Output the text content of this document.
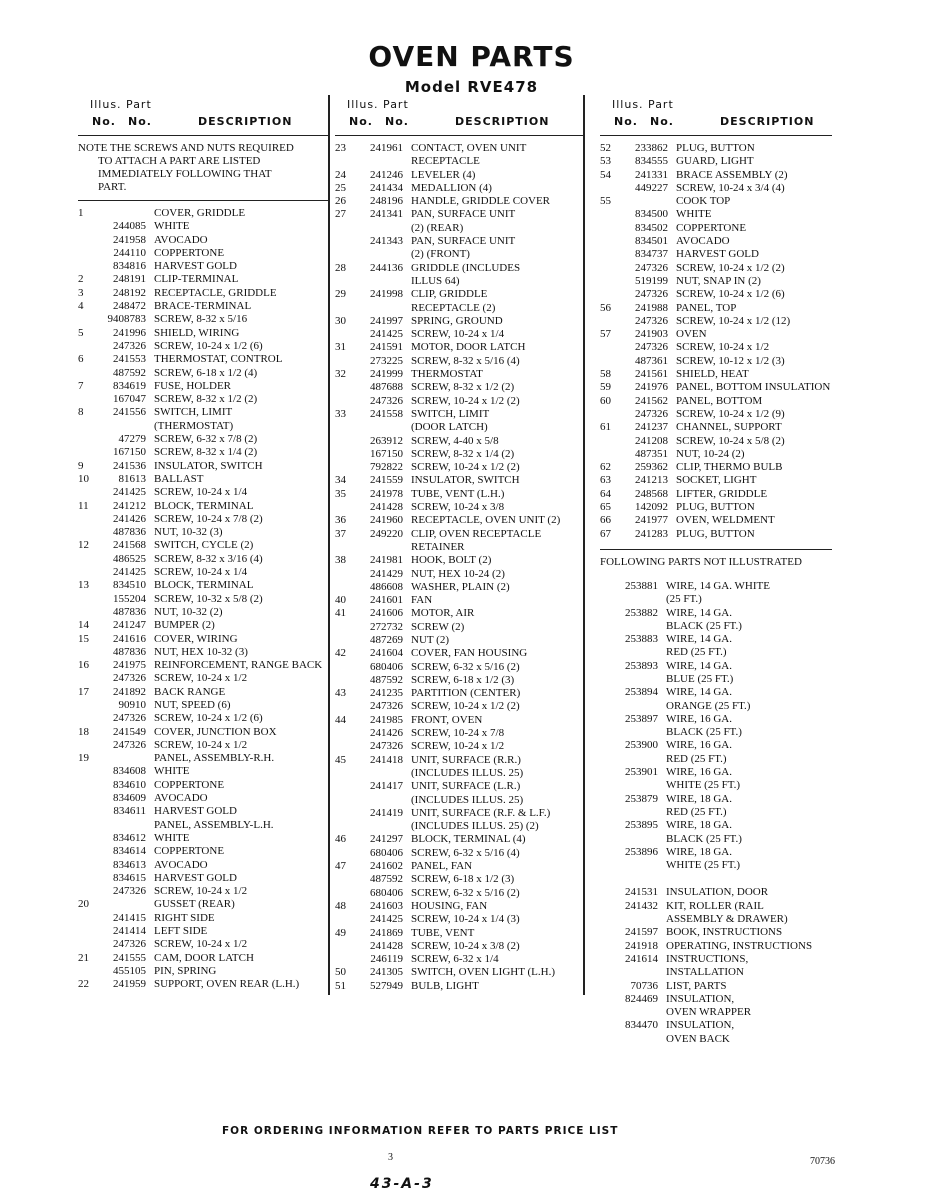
OVEN PARTS
Model RVE478
Illus. Part
No. No.	DESCRIPTION
NOTE THE SCREWS AND NUTS REQUIRED
TO ATTACH A PART ARE LISTED
IMMEDIATELY FOLLOWING THAT
PART.
1	COVER, GRIDDLE
244085 WHITE
241958 AVOCADO
244110 COPPERTONE
834816 HARVEST GOLD
2	248191 CLIP-TERMINAL
3	248192 RECEPTACLE, GRIDDLE
4	248472 BRACE-TERMINAL
9408783 SCREW, 8-32 x 5/16
5	241996 SHIELD, WIRING
247326 SCREW, 10-24 x 1/2 (6)
6	241553 THERMOSTAT, CONTROL
487592 SCREW, 6-18 x 1/2 (4)
7	834619 FUSE, HOLDER
167047 SCREW, 8-32 x 1/2 (2)
8	241556 SWITCH, LIMIT
(THERMOSTAT)
47279 SCREW, 6-32 x 7/8 (2)
167150 SCREW, 8-32 x 1/4 (2)
9	241536 INSULATOR, SWITCH
10	81613 BALLAST
241425 SCREW, 10-24 x 1/4
11	241212 BLOCK, TERMINAL
241426 SCREW, 10-24 x 7/8 (2)
487836 NUT, 10-32 (3)
12	241568 SWITCH, CYCLE (2)
486525 SCREW, 8-32 x 3/16 (4)
241425 SCREW, 10-24 x 1/4
13	834510 BLOCK, TERMINAL
155204 SCREW, 10-32 x 5/8 (2)
487836 NUT, 10-32 (2)
14	241247 BUMPER (2)
15	241616 COVER, WIRING
487836 NUT, HEX 10-32 (3)
16	241975 REINFORCEMENT, RANGE BACK
247326 SCREW, 10-24 x 1/2
17	241892 BACK RANGE
90910 NUT, SPEED (6)
247326 SCREW, 10-24 x 1/2 (6)
18	241549 COVER, JUNCTION BOX
247326 SCREW, 10-24 x 1/2
19	PANEL, ASSEMBLY-R.H.
834608 WHITE
834610 COPPERTONE
834609 AVOCADO
834611 HARVEST GOLD
PANEL, ASSEMBLY-L.H.
834612 WHITE
834614 COPPERTONE
834613 AVOCADO
834615 HARVEST GOLD
247326 SCREW, 10-24 x 1/2
20	GUSSET (REAR)
241415 RIGHT SIDE
241414 LEFT SIDE
247326 SCREW, 10-24 x 1/2
21	241555 CAM, DOOR LATCH
455105 PIN, SPRING
22	241959 SUPPORT, OVEN REAR (L.H.)
Illus. Part
No. No.	DESCRIPTION
23	241961 CONTACT, OVEN UNIT
RECEPTACLE
24	241246 LEVELER (4)
25	241434 MEDALLION (4)
26	248196 HANDLE, GRIDDLE COVER
27	241341 PAN, SURFACE UNIT
(2) (REAR)
241343 PAN, SURFACE UNIT
(2) (FRONT)
28	244136 GRIDDLE (INCLUDES
ILLUS 64)
29	241998 CLIP, GRIDDLE
RECEPTACLE (2)
30	241997 SPRING, GROUND
241425 SCREW, 10-24 x 1/4
31	241591 MOTOR, DOOR LATCH
273225 SCREW, 8-32 x 5/16 (4)
32	241999 THERMOSTAT
487688 SCREW, 8-32 x 1/2 (2)
247326 SCREW, 10-24 x 1/2 (2)
33	241558 SWITCH, LIMIT
(DOOR LATCH)
263912 SCREW, 4-40 x 5/8
167150 SCREW, 8-32 x 1/4 (2)
792822 SCREW, 10-24 x 1/2 (2)
34	241559 INSULATOR, SWITCH
35	241978 TUBE, VENT (L.H.)
241428 SCREW, 10-24 x 3/8
36	241960 RECEPTACLE, OVEN UNIT (2)
37	249220 CLIP, OVEN RECEPTACLE
RETAINER
38	241981 HOOK, BOLT (2)
241429 NUT, HEX 10-24 (2)
486608 WASHER, PLAIN (2)
40	241601 FAN
41	241606 MOTOR, AIR
272732 SCREW (2)
487269 NUT (2)
42	241604 COVER, FAN HOUSING
680406 SCREW, 6-32 x 5/16 (2)
487592 SCREW, 6-18 x 1/2 (3)
43	241235 PARTITION (CENTER)
247326 SCREW, 10-24 x 1/2 (2)
44	241985 FRONT, OVEN
241426 SCREW, 10-24 x 7/8
247326 SCREW, 10-24 x 1/2
45	241418 UNIT, SURFACE (R.R.)
(INCLUDES ILLUS. 25)
241417 UNIT, SURFACE (L.R.)
(INCLUDES ILLUS. 25)
241419 UNIT, SURFACE (R.F. & L.F.)
(INCLUDES ILLUS. 25) (2)
46	241297 BLOCK, TERMINAL (4)
680406 SCREW, 6-32 x 5/16 (4)
47	241602 PANEL, FAN
487592 SCREW, 6-18 x 1/2 (3)
680406 SCREW, 6-32 x 5/16 (2)
48	241603 HOUSING, FAN
241425 SCREW, 10-24 x 1/4 (3)
49	241869 TUBE, VENT
241428 SCREW, 10-24 x 3/8 (2)
246119 SCREW, 6-32 x 1/4
50	241305 SWITCH, OVEN LIGHT (L.H.)
51	527949 BULB, LIGHT
Illus. Part
No. No.	DESCRIPTION
52	233862 PLUG, BUTTON
53	834555 GUARD, LIGHT
54	241331 BRACE ASSEMBLY (2)
449227 SCREW, 10-24 x 3/4 (4)
55	COOK TOP
834500 WHITE
834502 COPPERTONE
834501 AVOCADO
834737 HARVEST GOLD
247326 SCREW, 10-24 x 1/2 (2)
519199 NUT, SNAP IN (2)
247326 SCREW, 10-24 x 1/2 (6)
56	241988 PANEL, TOP
247326 SCREW, 10-24 x 1/2 (12)
57	241903 OVEN
247326 SCREW, 10-24 x 1/2
487361 SCREW, 10-12 x 1/2 (3)
58	241561 SHIELD, HEAT
59	241976 PANEL, BOTTOM INSULATION
60	241562 PANEL, BOTTOM
247326 SCREW, 10-24 x 1/2 (9)
61	241237 CHANNEL, SUPPORT
241208 SCREW, 10-24 x 5/8 (2)
487351 NUT, 10-24 (2)
62	259362 CLIP, THERMO BULB
63	241213 SOCKET, LIGHT
64	248568 LIFTER, GRIDDLE
65	142092 PLUG, BUTTON
66	241977 OVEN, WELDMENT
67	241283 PLUG, BUTTON
FOLLOWING PARTS NOT ILLUSTRATED
253881 WIRE, 14 GA. WHITE
(25 FT.)
253882 WIRE, 14 GA.
BLACK (25 FT.)
253883 WIRE, 14 GA.
RED (25 FT.)
253893 WIRE, 14 GA.
BLUE (25 FT.)
253894 WIRE, 14 GA.
ORANGE (25 FT.)
253897 WIRE, 16 GA.
BLACK (25 FT.)
253900 WIRE, 16 GA.
RED (25 FT.)
253901 WIRE, 16 GA.
WHITE (25 FT.)
253879 WIRE, 18 GA.
RED (25 FT.)
253895 WIRE, 18 GA.
BLACK (25 FT.)
253896 WIRE, 18 GA.
WHITE (25 FT.)
241531 INSULATION, DOOR
241432 KIT, ROLLER (RAIL
ASSEMBLY & DRAWER)
241597 BOOK, INSTRUCTIONS
241918 OPERATING, INSTRUCTIONS
241614 INSTRUCTIONS,
INSTALLATION
70736 LIST, PARTS
824469 INSULATION,
OVEN WRAPPER
834470 INSULATION,
OVEN BACK
FOR ORDERING INFORMATION REFER TO PARTS PRICE LIST
3	70736
43-A-3
